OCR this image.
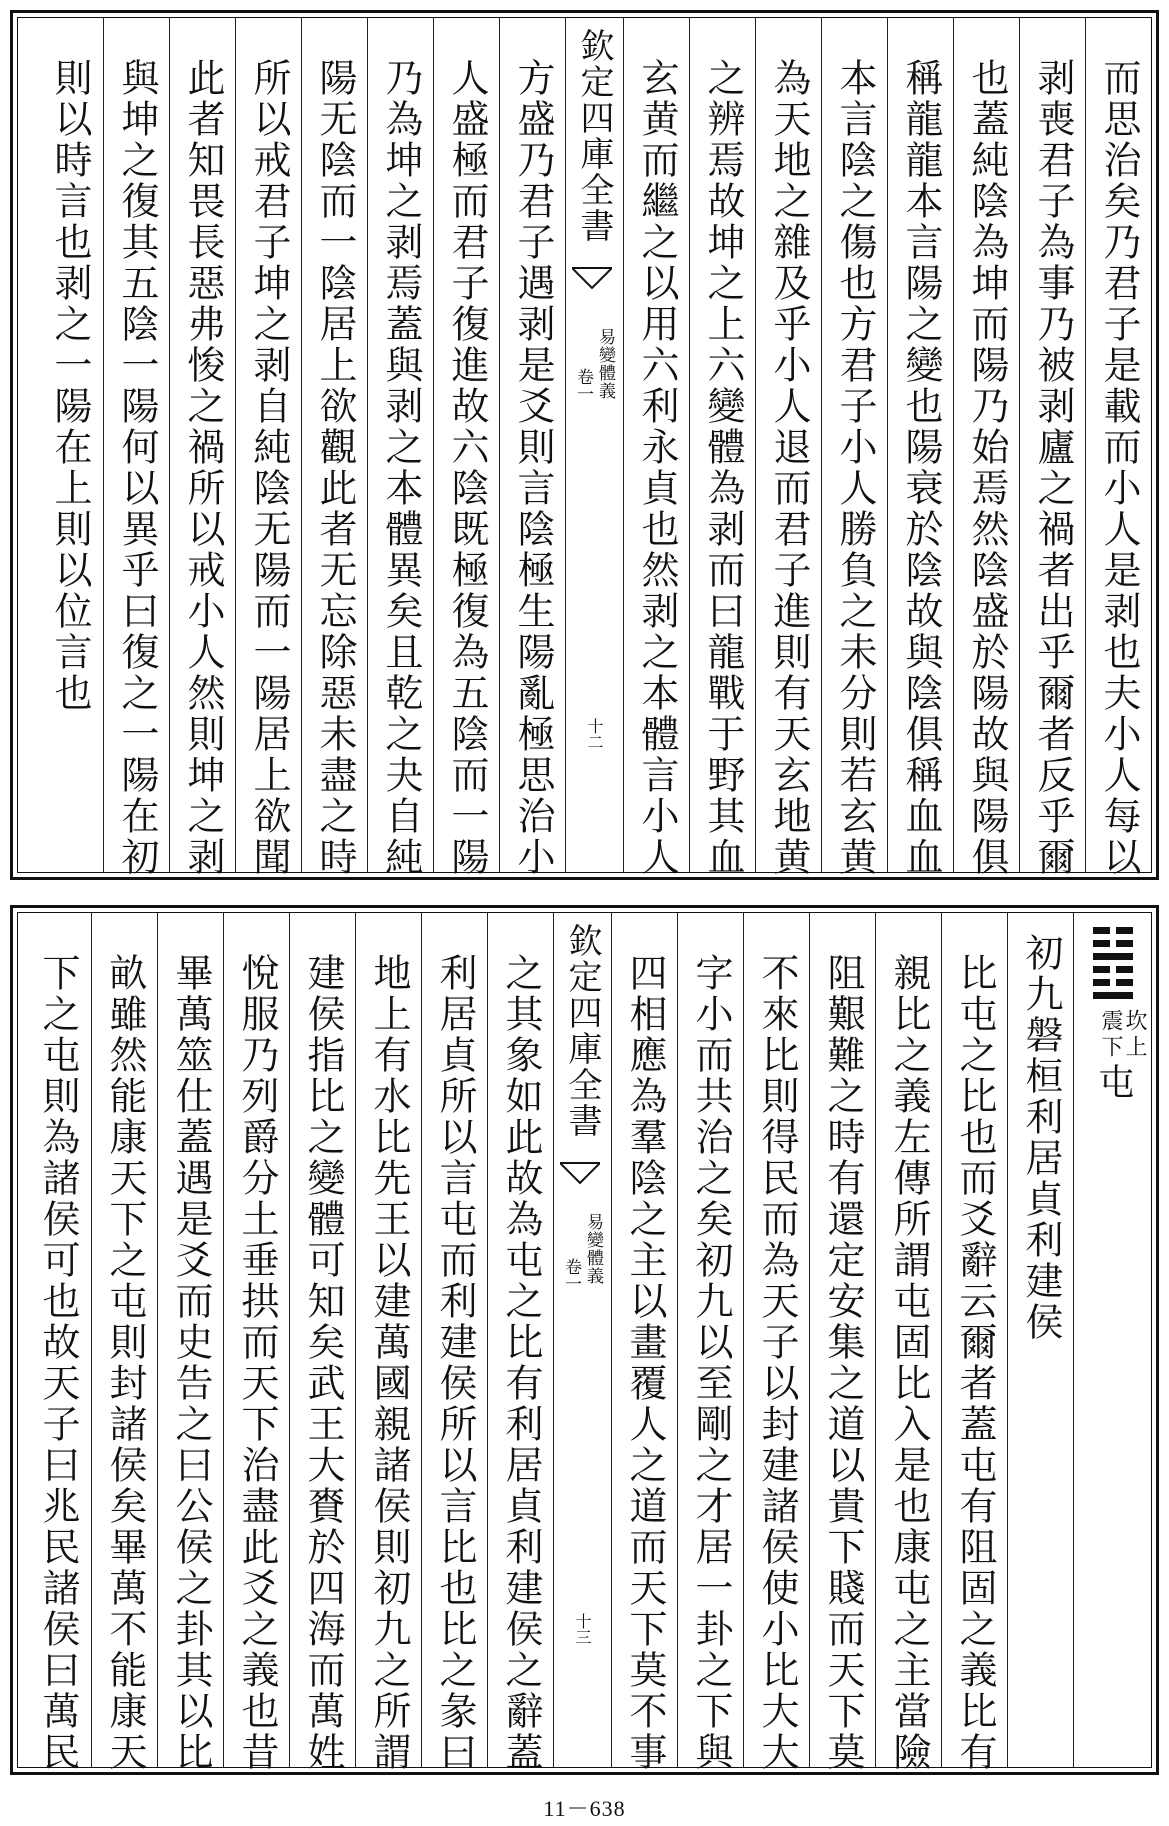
而思治矣乃君子是載而小人是剥也夫小人每以
剥喪君子為事乃被剥廬之禍者出乎爾者反乎爾
也蓋純陰為坤而陽乃始焉然陰盛於陽故與陽俱
稱龍龍本言陽之變也陽衰於陰故與陰俱稱血血
本言陰之傷也方君子小人勝負之未分則若玄黄
為天地之雜及乎小人退而君子進則有天玄地黄
之辨焉故坤之上六變體為剥而曰龍戰于野其血
玄黄而繼之以用六利永貞也然剥之本體言小人
欽定四庫全書
易變體義
卷一
十二
方盛乃君子遇剥是爻則言陰極生陽亂極思治小
人盛極而君子復進故六陰既極復為五陰而一陽
乃為坤之剥焉蓋與剥之本體異矣且乾之夬自純
陽无陰而一陰居上欲觀此者无忘除惡未盡之時
所以戒君子坤之剥自純陰无陽而一陽居上欲聞
此者知畏長惡弗悛之禍所以戒小人然則坤之剥
與坤之復其五陰一陽何以異乎曰復之一陽在初
則以時言也剥之一陽在上則以位言也
震
下
坎
上
屯
初九磐桓利居貞利建侯
比屯之比也而爻辭云爾者蓋屯有阻固之義比有
親比之義左傳所謂屯固比入是也康屯之主當險
阻艱難之時有還定安集之道以貴下賤而天下莫
不來比則得民而為天子以封建諸侯使小比大大
字小而共治之矣初九以至剛之才居一卦之下與
四相應為羣陰之主以畫覆人之道而天下莫不事
欽定四庫全書
易變體義
卷一
十三
之其象如此故為屯之比有利居貞利建侯之辭蓋
利居貞所以言屯而利建侯所以言比也比之彖曰
地上有水比先王以建萬國親諸侯則初九之所謂
建侯指比之變體可知矣武王大賚於四海而萬姓
悅服乃列爵分土垂拱而天下治盡此爻之義也昔
畢萬筮仕蓋遇是爻而史告之曰公侯之卦其以比
畝雖然能康天下之屯則封諸侯矣畢萬不能康天
下之屯則為諸侯可也故天子曰兆民諸侯曰萬民
11－638
